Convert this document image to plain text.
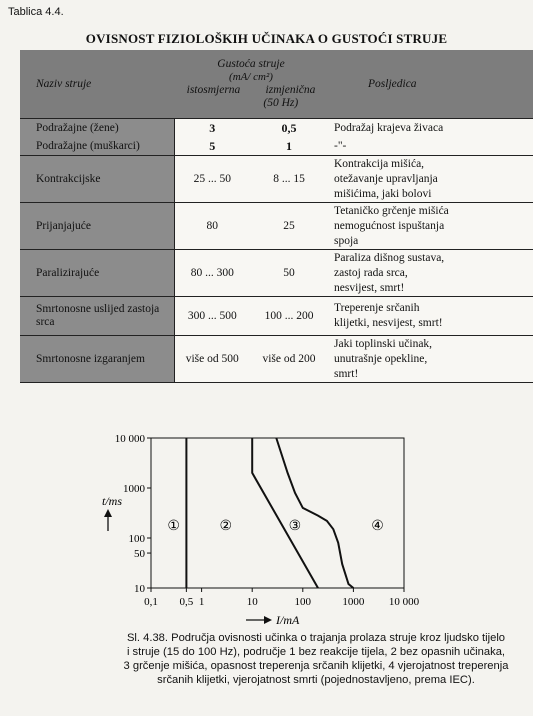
Tablica 4.4.
OVISNOST FIZIOLOŠKIH UČINAKA O GUSTOĆI STRUJE
Naziv struje	Gustoća struje
(mA/ cm²)
istosmjerna izmjenična
(50 Hz)		Posljedica
Podražajne (žene)	3	0,5	Podražaj krajeva živaca

Podražajne (muškarci)	5	1	-"-

Kontrakcijske	25 ... 50	8 ... 15	Kontrakcija mišića,
otežavanje upravljanja
mišićima, jaki bolovi

Prijanjajuće	80	25	Tetaničko grčenje mišića
nemogućnost ispuštanja
spoja

Paralizirajuće	80 ... 300	50	Paraliza dišnog sustava,
zastoj rada srca,
nesvijest, smrt!

Smrtonosne uslijed zastoja srca	300 ... 500	100 ... 200	Treperenje srčanih
klijetki, nesvijest, smrt!

Smrtonosne izgaranjem	više od 500	više od 200	Jaki toplinski učinak,
unutrašnje opekline,
smrt!
0,1 0,5 1	10	100	1000 10 000
10
50
100
1000
10 000
①	②	③	④
t/ms
I/mA
Sl. 4.38. Područja ovisnosti učinka o trajanja prolaza struje kroz ljudsko tijelo
i struje (15 do 100 Hz), područje 1 bez reakcije tijela, 2 bez opasnih učinaka,
3 grčenje mišića, opasnost treperenja srčanih klijetki, 4 vjerojatnost treperenja
srčanih klijetki, vjerojatnost smrti (pojednostavljeno, prema IEC).
